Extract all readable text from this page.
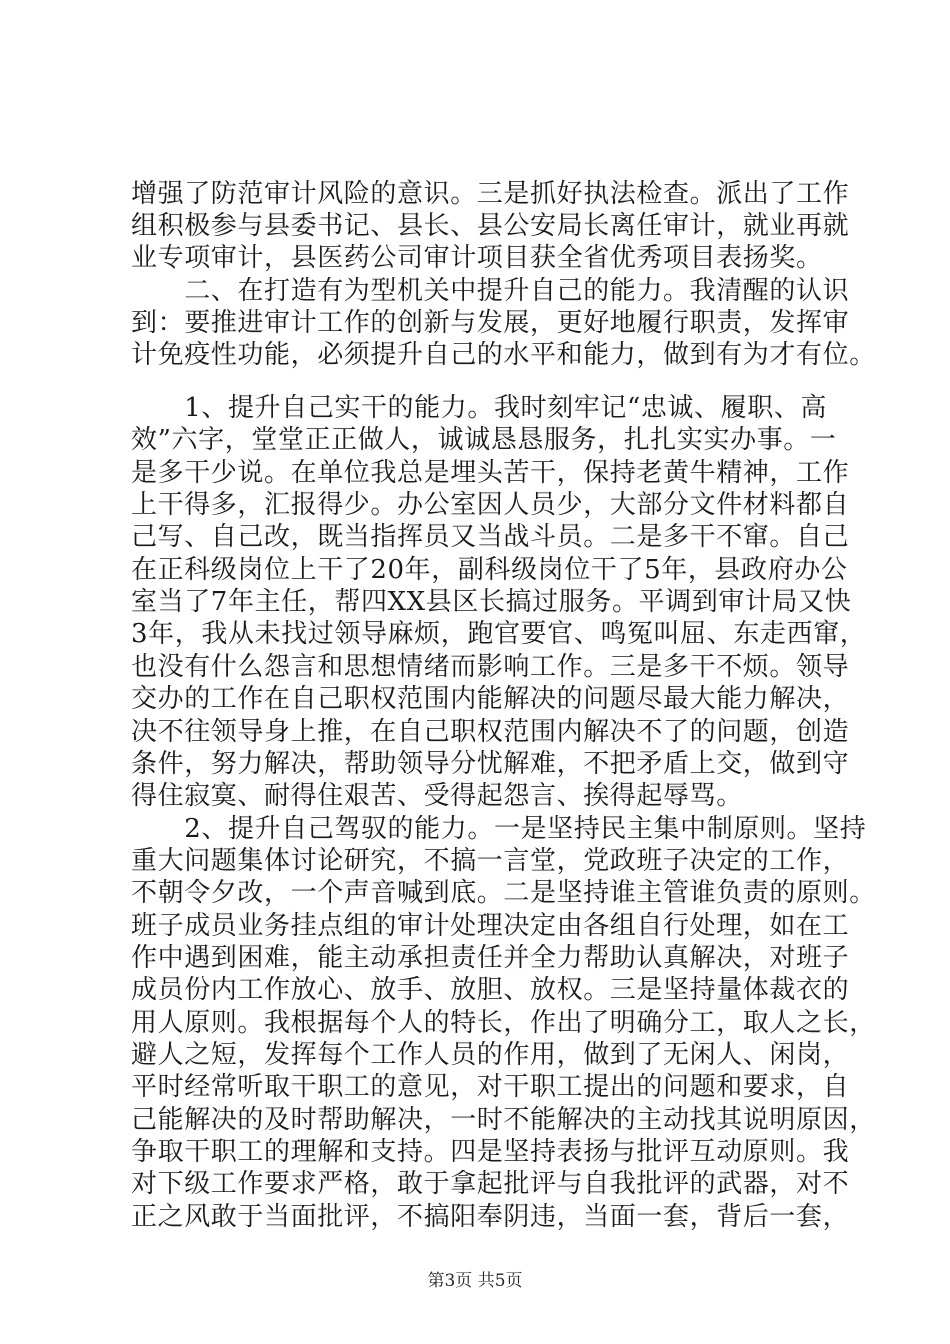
增强了防范审计风险的意识。三是抓好执法检查。派出了工作
组积极参与县委书记、县长、县公安局长离任审计，就业再就
业专项审计，县医药公司审计项目获全省优秀项目表扬奖。
　　二、在打造有为型机关中提升自己的能力。我清醒的认识
到：要推进审计工作的创新与发展，更好地履行职责，发挥审
计免疫性功能，必须提升自己的水平和能力，做到有为才有位。
　　1、提升自己实干的能力。我时刻牢记“忠诚、履职、高
效”六字，堂堂正正做人，诚诚恳恳服务，扎扎实实办事。一
是多干少说。在单位我总是埋头苦干，保持老黄牛精神，工作
上干得多，汇报得少。办公室因人员少，大部分文件材料都自
己写、自己改，既当指挥员又当战斗员。二是多干不窜。自己
在正科级岗位上干了20年，副科级岗位干了5年，县政府办公
室当了7年主任，帮四XX县区长搞过服务。平调到审计局又快
3年，我从未找过领导麻烦，跑官要官、鸣冤叫屈、东走西窜，
也没有什么怨言和思想情绪而影响工作。三是多干不烦。领导
交办的工作在自己职权范围内能解决的问题尽最大能力解决，
决不往领导身上推，在自己职权范围内解决不了的问题，创造
条件，努力解决，帮助领导分忧解难，不把矛盾上交，做到守
得住寂寞、耐得住艰苦、受得起怨言、挨得起辱骂。
　　2、提升自己驾驭的能力。一是坚持民主集中制原则。坚持
重大问题集体讨论研究，不搞一言堂，党政班子决定的工作，
不朝令夕改，一个声音喊到底。二是坚持谁主管谁负责的原则。
班子成员业务挂点组的审计处理决定由各组自行处理，如在工
作中遇到困难，能主动承担责任并全力帮助认真解决，对班子
成员份内工作放心、放手、放胆、放权。三是坚持量体裁衣的
用人原则。我根据每个人的特长，作出了明确分工，取人之长，
避人之短，发挥每个工作人员的作用，做到了无闲人、闲岗，
平时经常听取干职工的意见，对干职工提出的问题和要求，自
己能解决的及时帮助解决，一时不能解决的主动找其说明原因，
争取干职工的理解和支持。四是坚持表扬与批评互动原则。我
对下级工作要求严格，敢于拿起批评与自我批评的武器，对不
正之风敢于当面批评，不搞阳奉阴违，当面一套，背后一套，
第3页 共5页
